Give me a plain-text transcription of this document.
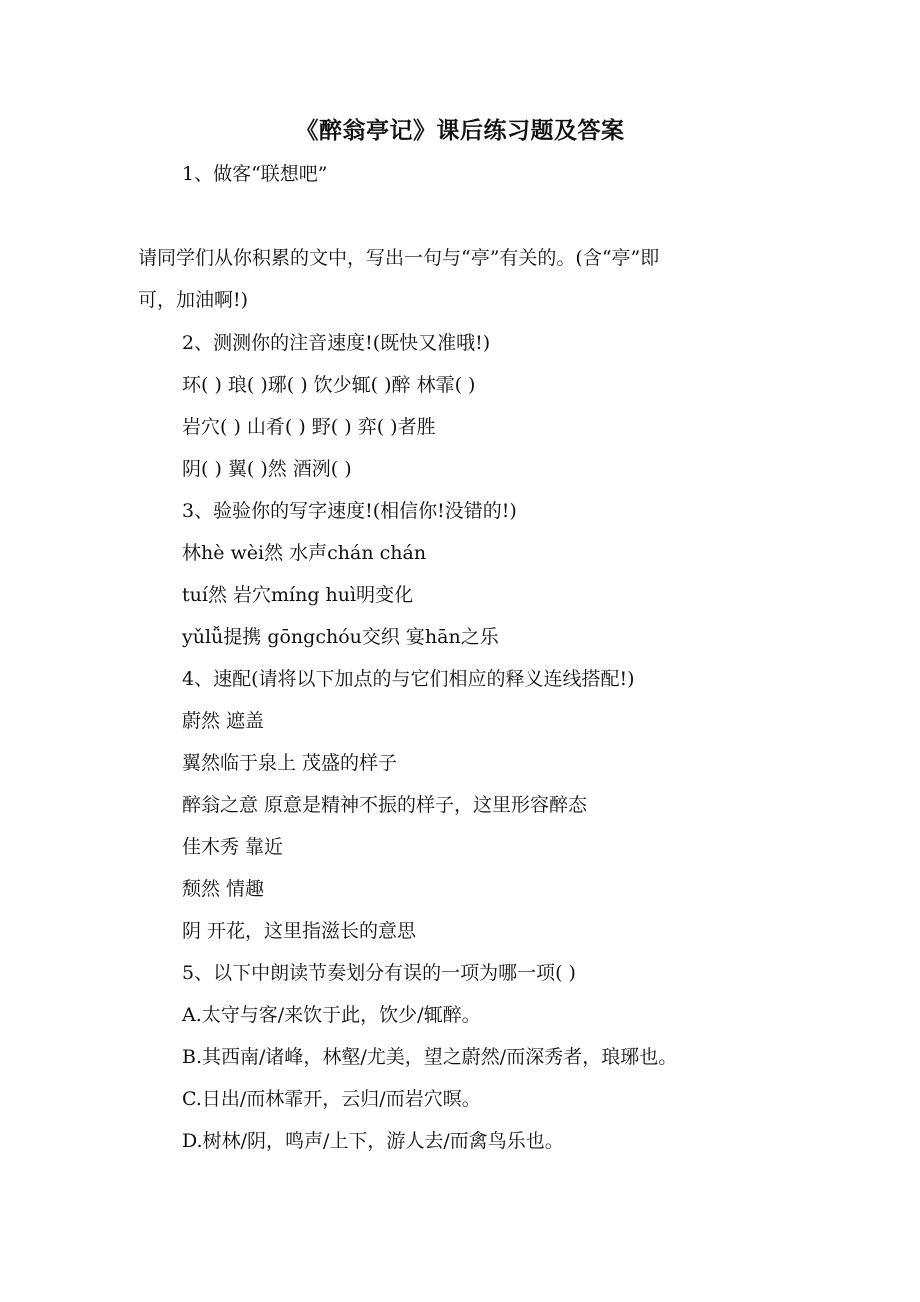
《醉翁亭记》课后练习题及答案
1、做客“联想吧”
请同学们从你积累的文中，写出一句与“亭”有关的。(含“亭”即
可，加油啊!)
2、测测你的注音速度!(既快又准哦!)
环( ) 琅( )琊( ) 饮少辄( )醉 林霏( )
岩穴( ) 山肴( ) 野( ) 弈( )者胜
阴( ) 翼( )然 酒洌( )
3、验验你的写字速度!(相信你!没错的!)
林hè wèi然 水声chán chán
tuí然 岩穴míng huì明变化
yǔlǚ提携 gōngchóu交织 宴hān之乐
4、速配(请将以下加点的与它们相应的释义连线搭配!)
蔚然 遮盖
翼然临于泉上 茂盛的样子
醉翁之意 原意是精神不振的样子，这里形容醉态
佳木秀 靠近
颓然 情趣
阴 开花，这里指滋长的意思
5、以下中朗读节奏划分有误的一项为哪一项( )
A.太守与客/来饮于此，饮少/辄醉。
B.其西南/诸峰，林壑/尤美，望之蔚然/而深秀者，琅琊也。
C.日出/而林霏开，云归/而岩穴暝。
D.树林/阴，鸣声/上下，游人去/而禽鸟乐也。
